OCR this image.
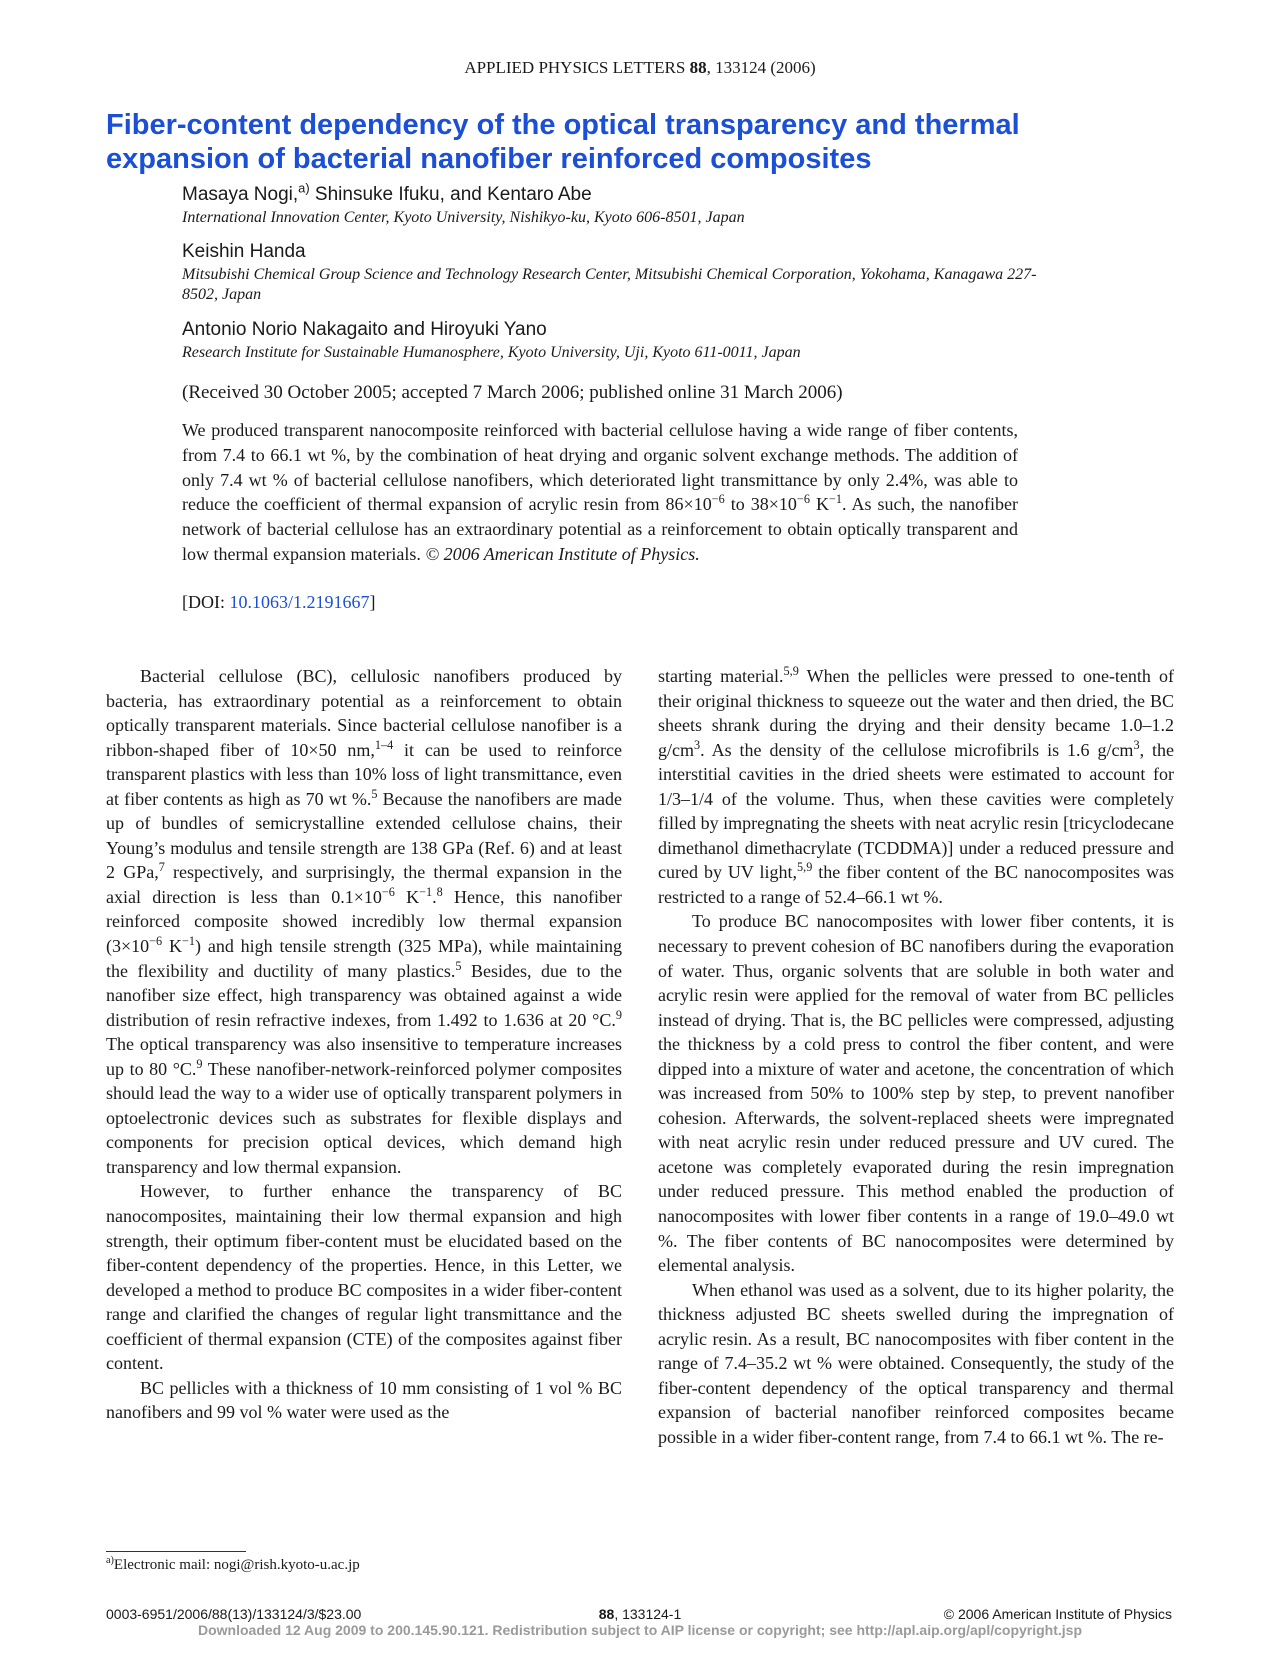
APPLIED PHYSICS LETTERS 88, 133124 (2006)
Fiber-content dependency of the optical transparency and thermal expansion of bacterial nanofiber reinforced composites
Masaya Nogi,$^{a)}$ Shinsuke Ifuku, and Kentaro Abe
International Innovation Center, Kyoto University, Nishikyo-ku, Kyoto 606-8501, Japan
Keishin Handa
Mitsubishi Chemical Group Science and Technology Research Center, Mitsubishi Chemical Corporation, Yokohama, Kanagawa 227-8502, Japan
Antonio Norio Nakagaito and Hiroyuki Yano
Research Institute for Sustainable Humanosphere, Kyoto University, Uji, Kyoto 611-0011, Japan
(Received 30 October 2005; accepted 7 March 2006; published online 31 March 2006)
We produced transparent nanocomposite reinforced with bacterial cellulose having a wide range of fiber contents, from 7.4 to 66.1 wt %, by the combination of heat drying and organic solvent exchange methods. The addition of only 7.4 wt % of bacterial cellulose nanofibers, which deteriorated light transmittance by only 2.4%, was able to reduce the coefficient of thermal expansion of acrylic resin from $86\times 10^{-6}$ to $38\times 10^{-6}$ $K^{-1}$. As such, the nanofiber network of bacterial cellulose has an extraordinary potential as a reinforcement to obtain optically transparent and low thermal expansion materials. © 2006 American Institute of Physics.
[DOI: 10.1063/1.2191667]

Bacterial cellulose (BC), cellulosic nanofibers produced by bacteria, has extraordinary potential as a reinforcement to obtain optically transparent materials. Since bacterial cellulose nanofiber is a ribbon-shaped fiber of 10×50 nm,$^{1-4}$ it can be used to reinforce transparent plastics with less than 10% loss of light transmittance, even at fiber contents as high as 70 wt %.$^5$ Because the nanofibers are made up of bundles of semicrystalline extended cellulose chains, their Young’s modulus and tensile strength are 138 GPa (Ref. 6) and at least 2 GPa,$^7$ respectively, and surprisingly, the thermal expansion in the axial direction is less than $0.1\times 10^{-6}$ $K^{-1}.^8$ Hence, this nanofiber reinforced composite showed incredibly low thermal expansion ($3\times 10^{-6}$ $K^{-1}$) and high tensile strength (325 MPa), while maintaining the flexibility and ductility of many plastics.$^5$ Besides, due to the nanofiber size effect, high transparency was obtained against a wide distribution of resin refractive indexes, from 1.492 to 1.636 at 20 °C.$^9$ The optical transparency was also insensitive to temperature increases up to 80 °C.$^9$ These nanofiber-network-reinforced polymer composites should lead the way to a wider use of optically transparent polymers in optoelectronic devices such as substrates for flexible displays and components for precision optical devices, which demand high transparency and low thermal expansion.

However, to further enhance the transparency of BC nanocomposites, maintaining their low thermal expansion and high strength, their optimum fiber-content must be elucidated based on the fiber-content dependency of the properties. Hence, in this Letter, we developed a method to produce BC composites in a wider fiber-content range and clarified the changes of regular light transmittance and the coefficient of thermal expansion (CTE) of the composites against fiber content.

BC pellicles with a thickness of 10 mm consisting of 1 vol % BC nanofibers and 99 vol % water were used as the

starting material.$^{5,9}$ When the pellicles were pressed to one-tenth of their original thickness to squeeze out the water and then dried, the BC sheets shrank during the drying and their density became 1.0–1.2 $g/cm^3$. As the density of the cellulose microfibrils is 1.6 $g/cm^3$, the interstitial cavities in the dried sheets were estimated to account for 1/3–1/4 of the volume. Thus, when these cavities were completely filled by impregnating the sheets with neat acrylic resin [tricyclodecane dimethanol dimethacrylate (TCDDMA)] under a reduced pressure and cured by UV light,$^{5,9}$ the fiber content of the BC nanocomposites was restricted to a range of 52.4–66.1 wt %.

To produce BC nanocomposites with lower fiber contents, it is necessary to prevent cohesion of BC nanofibers during the evaporation of water. Thus, organic solvents that are soluble in both water and acrylic resin were applied for the removal of water from BC pellicles instead of drying. That is, the BC pellicles were compressed, adjusting the thickness by a cold press to control the fiber content, and were dipped into a mixture of water and acetone, the concentration of which was increased from 50% to 100% step by step, to prevent nanofiber cohesion. Afterwards, the solvent-replaced sheets were impregnated with neat acrylic resin under reduced pressure and UV cured. The acetone was completely evaporated during the resin impregnation under reduced pressure. This method enabled the production of nanocomposites with lower fiber contents in a range of 19.0–49.0 wt %. The fiber contents of BC nanocomposites were determined by elemental analysis.

When ethanol was used as a solvent, due to its higher polarity, the thickness adjusted BC sheets swelled during the impregnation of acrylic resin. As a result, BC nanocomposites with fiber content in the range of 7.4–35.2 wt % were obtained. Consequently, the study of the fiber-content dependency of the optical transparency and thermal expansion of bacterial nanofiber reinforced composites became possible in a wider fiber-content range, from 7.4 to 66.1 wt %. The re-

$^{a)}$Electronic mail: nogi@rish.kyoto-u.ac.jp
0003-6951/2006/88(13)/133124/3/$23.00	88, 133124-1	© 2006 American Institute of Physics
Downloaded 12 Aug 2009 to 200.145.90.121. Redistribution subject to AIP license or copyright; see http://apl.aip.org/apl/copyright.jsp
